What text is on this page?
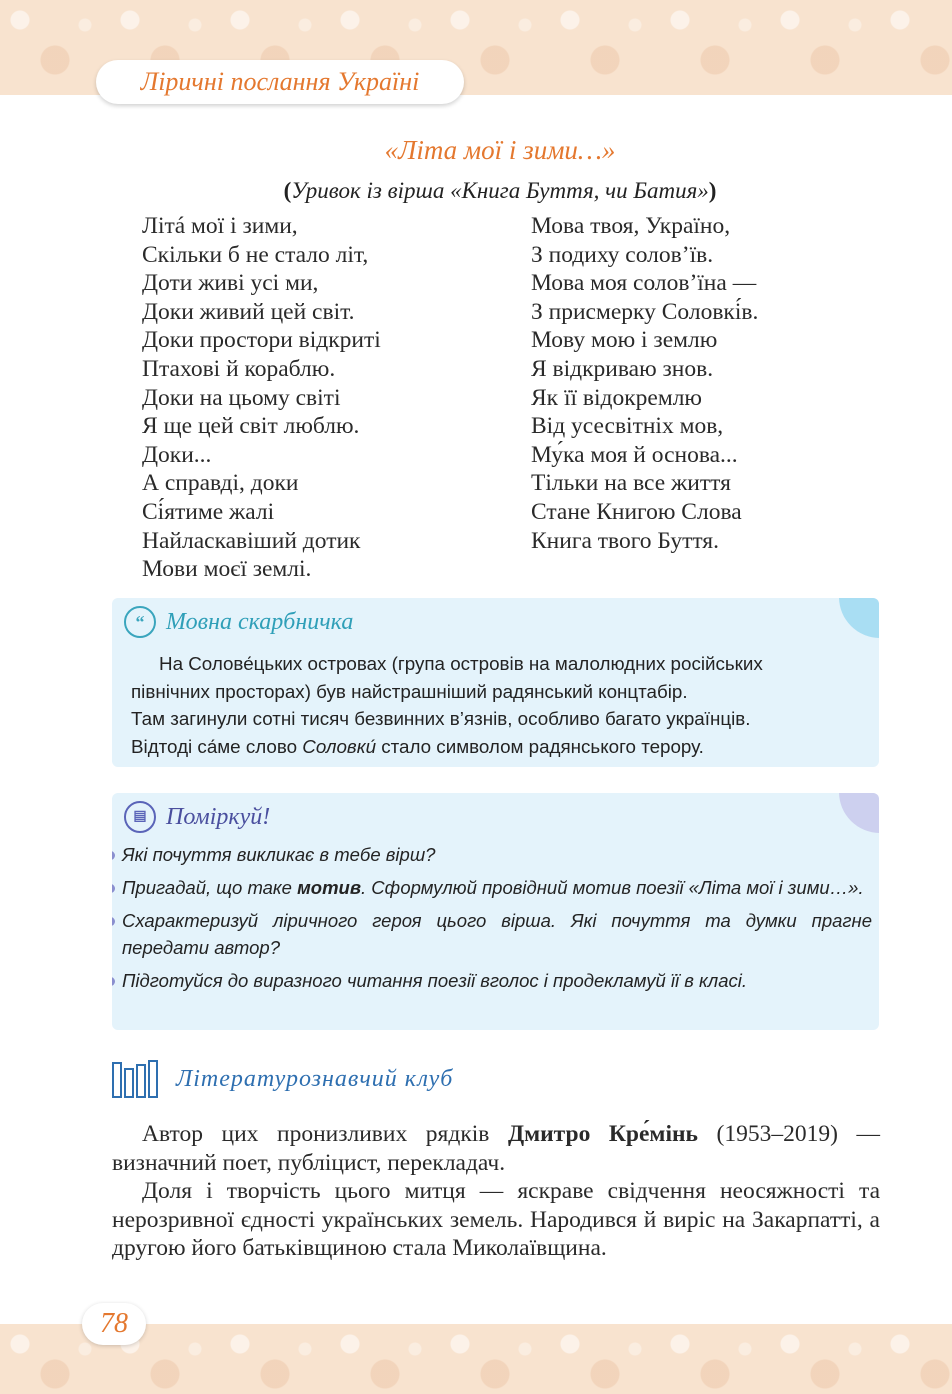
Ліричні послання Україні
«Літа мої і зими…»
(Уривок із вірша «Книга Буття, чи Батия»)
Літá мої і зими,
Скільки б не стало літ,
Доти живі усі ми,
Доки живий цей світ.
Доки простори відкриті
Птахові й кораблю.
Доки на цьому світі
Я ще цей світ люблю.
Доки...
А справді, доки
Сі́ятиме жалі
Найласкавіший дотик
Мови моєї землі.
Мова твоя, Україно,
З подиху солов’їв.
Мова моя солов’їна —
З присмерку Соловкі́в.
Мову мою і землю
Я відкриваю знов.
Як її відокремлю
Від усесвітніх мов,
Му́ка моя й основа...
Тільки на все життя
Стане Книгою Слова
Книга твого Буття.
“ Мовна скарбничка

На Солове́цьких островах (група островів на малолюдних російських

північних просторах) був найстрашніший радянський концтабір.

Там загинули сотні тисяч безвинних в’язнів, особливо багато українців.

Відтоді са́ме слово Соловки́ стало символом радянського терору.

▤ Поміркуй!
Які почуття викликає в тебе вірш?
Пригадай, що таке мотив. Сформулюй провідний мотив поезії «Літа мої і зими…».
Схарактеризуй ліричного героя цього вірша. Які почуття та думки прагне передати автор?
Підготуйся до виразного читання поезії вголос і продекламуй її в класі.
Літературознавчий клуб

Автор цих пронизливих рядків Дмитро Кре́мінь (1953–2019) — визначний поет, публіцист, перекладач.

Доля і творчість цього митця — яскраве свідчення неосяжності та нерозривної єдності українських земель. Народився й виріс на Закарпатті, а другою його батьківщиною стала Миколаївщина.

78
